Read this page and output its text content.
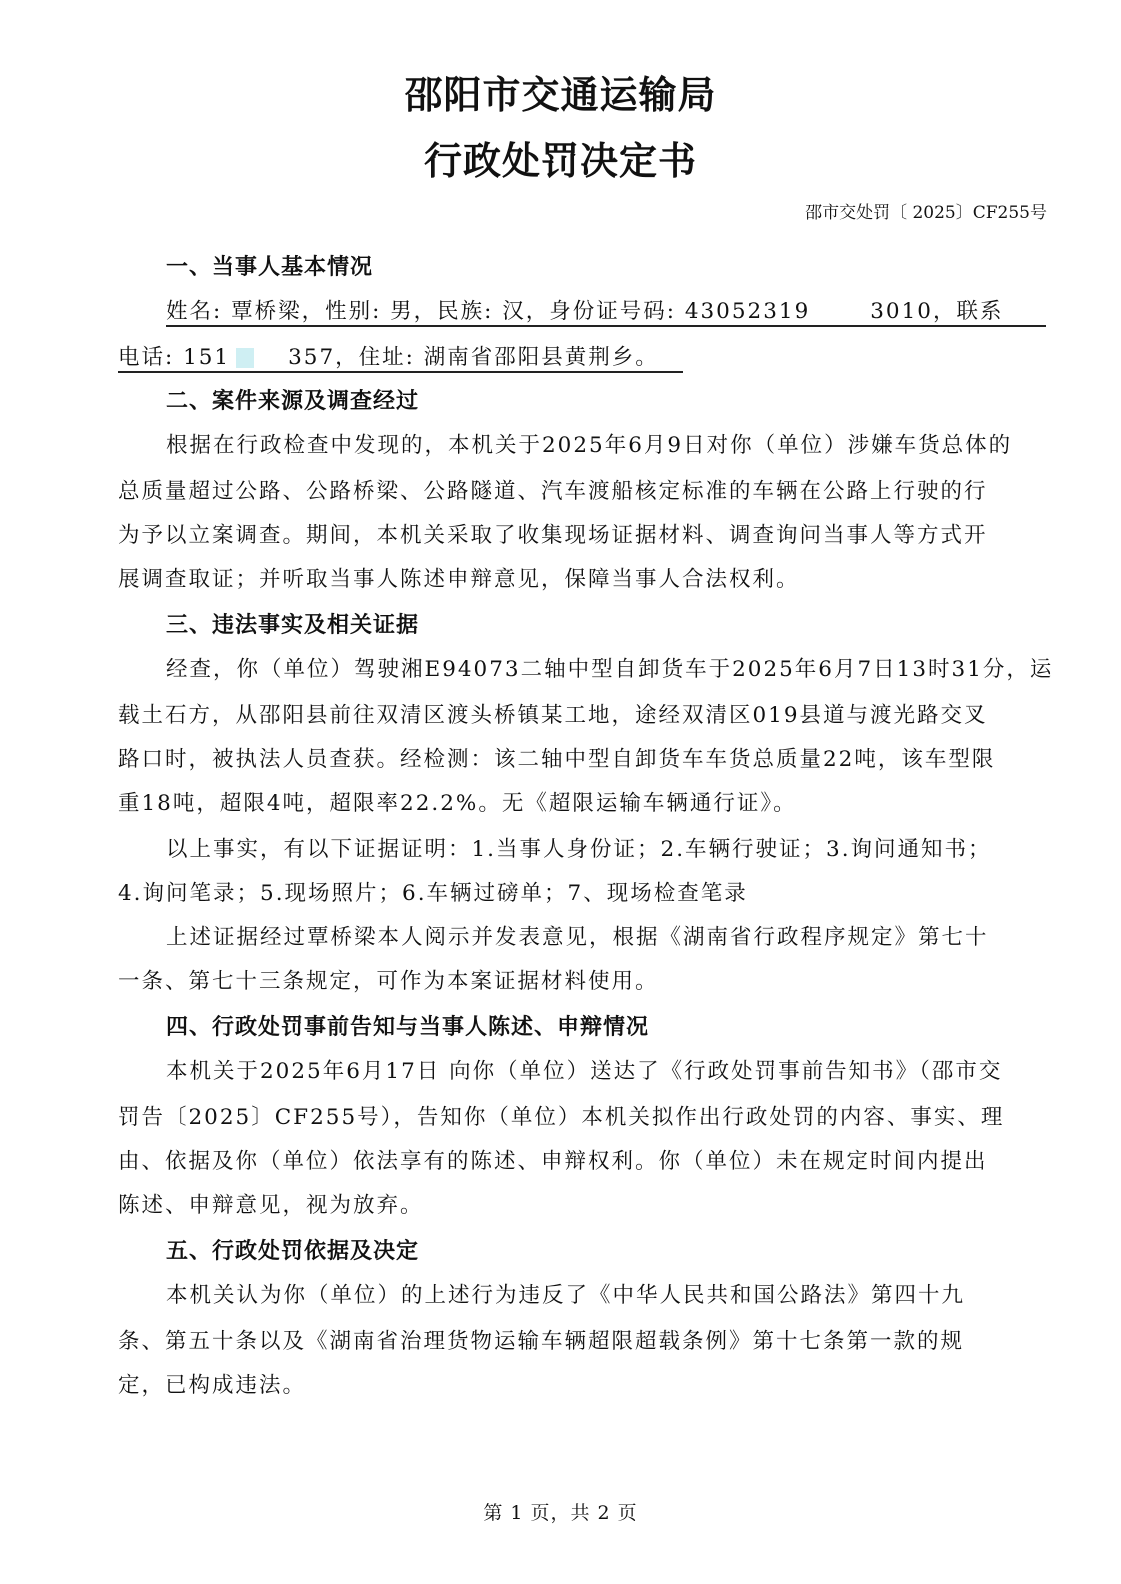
邵阳市交通运输局
行政处罚决定书
邵市交处罚〔 2025〕CF255号
一、当事人基本情况
姓名: 覃桥梁，性别: 男，民族: 汉，身份证号码: 43052319	3010，联系
电话: 151	357，住址: 湖南省邵阳县黄荆乡。
二、案件来源及调查经过
根据在行政检查中发现的，本机关于2025年6月9日对你（单位）涉嫌车货总体的
总质量超过公路、公路桥梁、公路隧道、汽车渡船核定标准的车辆在公路上行驶的行
为予以立案调查。期间，本机关采取了收集现场证据材料、调查询问当事人等方式开
展调查取证；并听取当事人陈述申辩意见，保障当事人合法权利。
三、违法事实及相关证据
经查，你（单位）驾驶湘E94073二轴中型自卸货车于2025年6月7日13时31分，运
载土石方，从邵阳县前往双清区渡头桥镇某工地，途经双清区019县道与渡光路交叉
路口时，被执法人员查获。经检测：该二轴中型自卸货车车货总质量22吨，该车型限
重18吨，超限4吨，超限率22.2%。无《超限运输车辆通行证》。
以上事实，有以下证据证明：1.当事人身份证；2.车辆行驶证；3.询问通知书；
4.询问笔录；5.现场照片；6.车辆过磅单；7、现场检查笔录
上述证据经过覃桥梁本人阅示并发表意见，根据《湖南省行政程序规定》第七十
一条、第七十三条规定，可作为本案证据材料使用。
四、行政处罚事前告知与当事人陈述、申辩情况
本机关于2025年6月17日 向你（单位）送达了《行政处罚事前告知书》（邵市交
罚告〔2025〕CF255号），告知你（单位）本机关拟作出行政处罚的内容、事实、理
由、依据及你（单位）依法享有的陈述、申辩权利。你（单位）未在规定时间内提出
陈述、申辩意见，视为放弃。
五、行政处罚依据及决定
本机关认为你（单位）的上述行为违反了《中华人民共和国公路法》第四十九
条、第五十条以及《湖南省治理货物运输车辆超限超载条例》第十七条第一款的规
定，已构成违法。
第 1 页，共 2 页
